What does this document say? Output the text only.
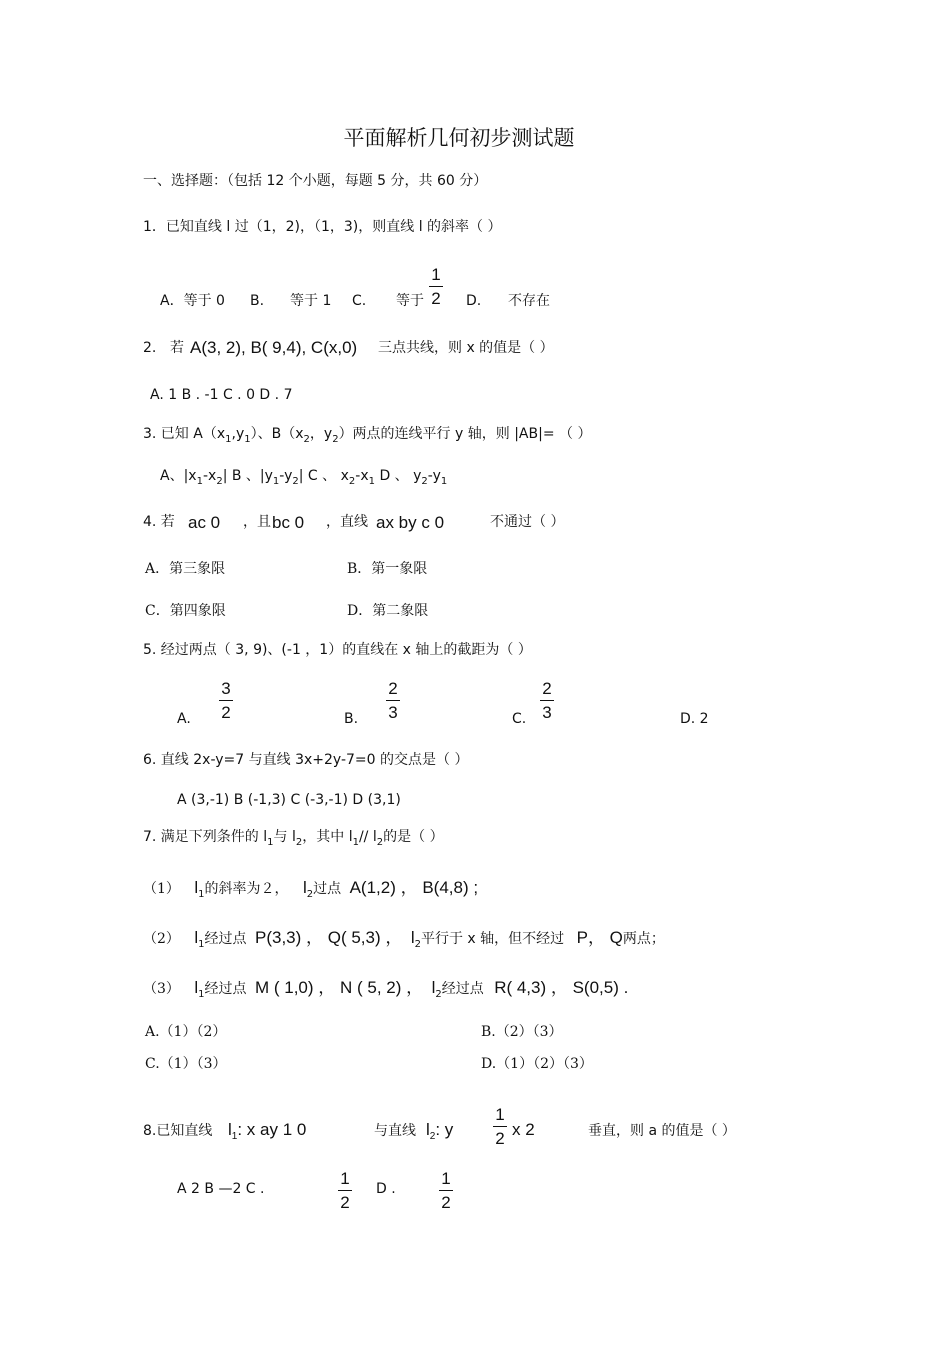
平面解析几何初步测试题
一、选择题：（包括 12 个小题，每题 5 分，共 60 分）
1．已知直线 l 过（1，2)，（1，3)，则直线 l 的斜率（ ）
A．等于 0 B. 等于 1 C. 等于
1
2 D. 不存在
2. 若 A(3, 2), B( 9,4), C(x,0) 三点共线，则 x 的值是（ ）
A. 1 B . -1 C . 0 D . 7
3. 已知 $A(x_1,y_1)$、$B(x_2$，$y_2$）两点的连线平行 y 轴，则 |AB|= （ ）
A、$|x_1-x_2|$ B 、$|y_1-y_2|$ C 、 $x_2-x_1$ D 、 $y_2-y_1$
4. 若 ac 0 ，且 bc 0 ，直线 ax by c 0	不通过（ ）
A．第三象限	B．第一象限
C．第四象限	D．第二象限
5. 经过两点（ 3, 9)、(-1 ，1）的直线在 x 轴上的截距为（ ）
A.
3
2	B.
2
3	C.
2
3	D. 2
6. 直线 2x-y=7 与直线 3x+2y-7=0 的交点是（ ）
A (3,-1) B (-1,3) C (-3,-1) D (3,1)
7. 满足下列条件的 $l_1$与 $l_2$，其中 $l_1//$ $l_2$的是（ ）
（1） $l_1$的斜率为２， $l_2$过点 A(1,2) ， B(4,8) ;
（2） $l_1$经过点 P(3,3) ， Q( 5,3) ， $l_2$平行于 x 轴，但不经过 P， Q两点；
（3） $l_1$经过点 M ( 1,0) ， N ( 5, 2) ， $l_2$经过点 R( 4,3) ， S(0,5) .
A.（1）（2）	B.（2）（3）
C.（1）（3）	D.（1）（2）（3）
8.已知直线 $l_1$: x ay 1 0	与直线 $l_2$: y
1
2 x 2	垂直，则 a 的值是（ ）
A 2 B —2 C .
1
2
D .
1
2
